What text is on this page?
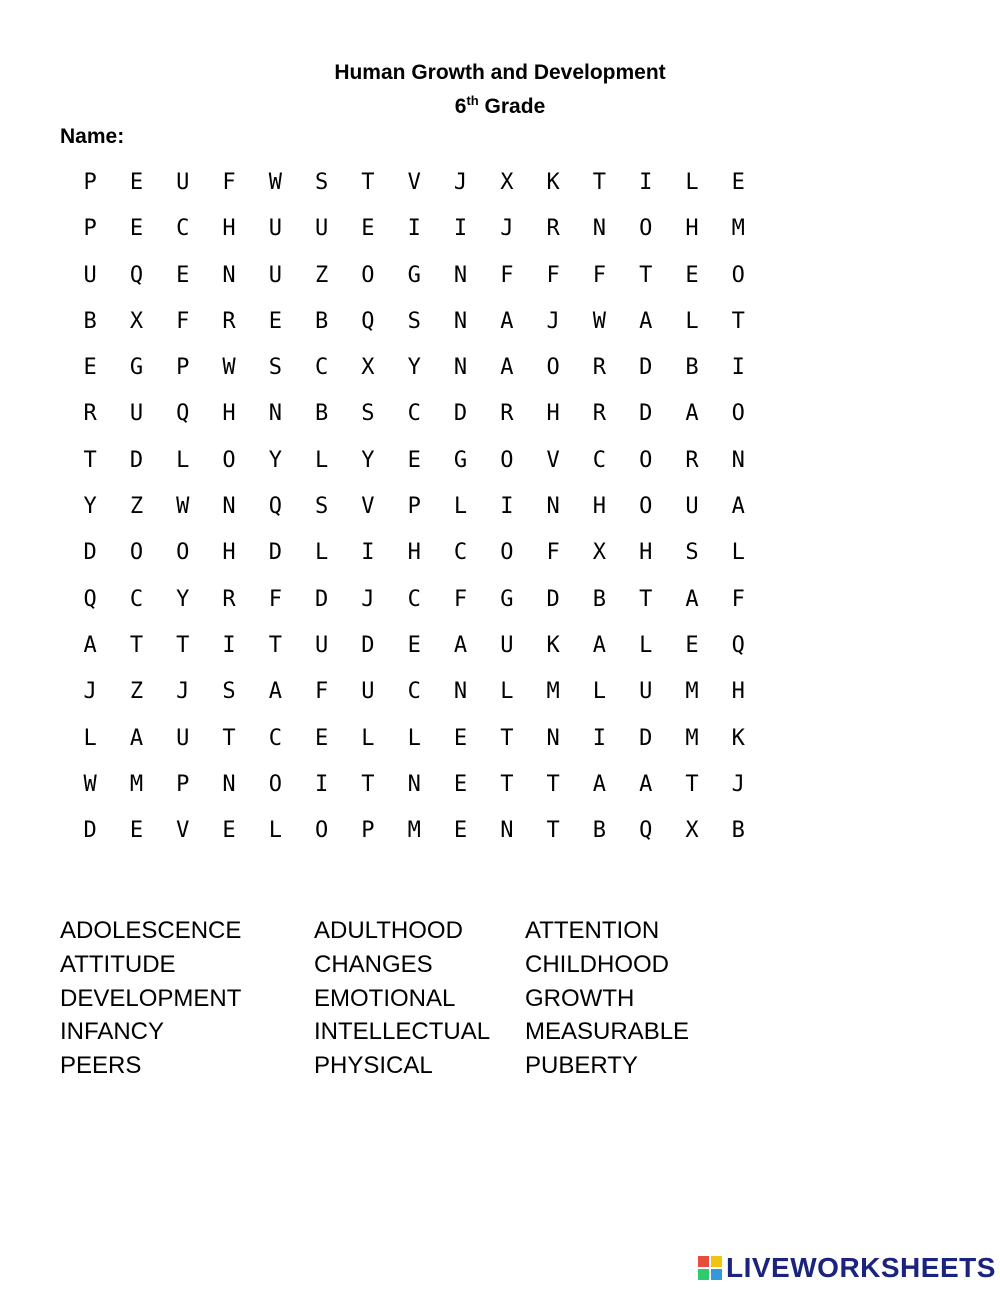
Human Growth and Development
6th Grade
Name:
P	E	U	F	W	S	T	V	J	X	K	T	I	L	E
P	E	C	H	U	U	E	I	I	J	R	N	O	H	M
U	Q	E	N	U	Z	O	G	N	F	F	F	T	E	O
B	X	F	R	E	B	Q	S	N	A	J	W	A	L	T
E	G	P	W	S	C	X	Y	N	A	O	R	D	B	I
R	U	Q	H	N	B	S	C	D	R	H	R	D	A	O
T	D	L	O	Y	L	Y	E	G	O	V	C	O	R	N
Y	Z	W	N	Q	S	V	P	L	I	N	H	O	U	A
D	O	O	H	D	L	I	H	C	O	F	X	H	S	L
Q	C	Y	R	F	D	J	C	F	G	D	B	T	A	F
A	T	T	I	T	U	D	E	A	U	K	A	L	E	Q
J	Z	J	S	A	F	U	C	N	L	M	L	U	M	H
L	A	U	T	C	E	L	L	E	T	N	I	D	M	K
W	M	P	N	O	I	T	N	E	T	T	A	A	T	J
D	E	V	E	L	O	P	M	E	N	T	B	Q	X	B
ADOLESCENCE	ADULTHOOD	ATTENTION
ATTITUDE	CHANGES	CHILDHOOD
DEVELOPMENT	EMOTIONAL	GROWTH
INFANCY	INTELLECTUAL	MEASURABLE
PEERS	PHYSICAL	PUBERTY
LIVEWORKSHEETS
